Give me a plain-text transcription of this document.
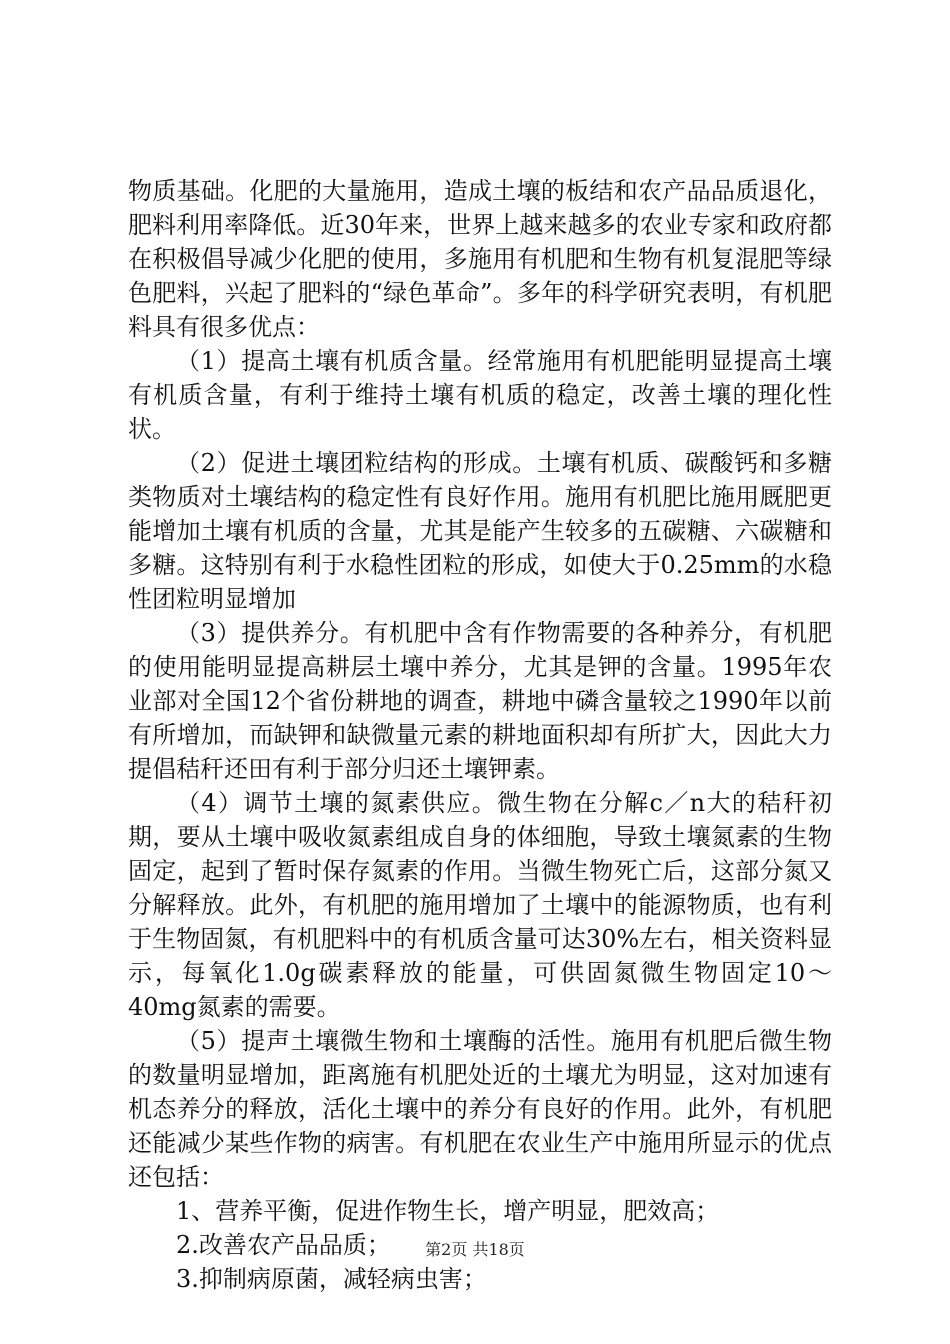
物质基础。化肥的大量施用，造成土壤的板结和农产品品质退化，肥料利用率降低。近30年来，世界上越来越多的农业专家和政府都在积极倡导减少化肥的使用，多施用有机肥和生物有机复混肥等绿色肥料，兴起了肥料的“绿色革命”。多年的科学研究表明，有机肥料具有很多优点：

（1）提高土壤有机质含量。经常施用有机肥能明显提高土壤有机质含量，有利于维持土壤有机质的稳定，改善土壤的理化性状。

（2）促进土壤团粒结构的形成。土壤有机质、碳酸钙和多糖类物质对土壤结构的稳定性有良好作用。施用有机肥比施用厩肥更能增加土壤有机质的含量，尤其是能产生较多的五碳糖、六碳糖和多糖。这特别有利于水稳性团粒的形成，如使大于0.25mm的水稳性团粒明显增加

（3）提供养分。有机肥中含有作物需要的各种养分，有机肥的使用能明显提高耕层土壤中养分，尤其是钾的含量。1995年农业部对全国12个省份耕地的调查，耕地中磷含量较之1990年以前有所增加，而缺钾和缺微量元素的耕地面积却有所扩大，因此大力提倡秸秆还田有利于部分归还土壤钾素。

（4）调节土壤的氮素供应。微生物在分解c／n大的秸秆初期，要从土壤中吸收氮素组成自身的体细胞，导致土壤氮素的生物固定，起到了暂时保存氮素的作用。当微生物死亡后，这部分氮又分解释放。此外，有机肥的施用增加了土壤中的能源物质，也有利于生物固氮，有机肥料中的有机质含量可达30%左右，相关资料显示，每氧化1.0g碳素释放的能量，可供固氮微生物固定10～40mg氮素的需要。

（5）提声土壤微生物和土壤酶的活性。施用有机肥后微生物的数量明显增加，距离施有机肥处近的土壤尤为明显，这对加速有机态养分的释放，活化土壤中的养分有良好的作用。此外，有机肥还能减少某些作物的病害。有机肥在农业生产中施用所显示的优点还包括：

1、营养平衡，促进作物生长，增产明显，肥效高；

2.改善农产品品质；

3.抑制病原菌，减轻病虫害；

第2页 共18页
